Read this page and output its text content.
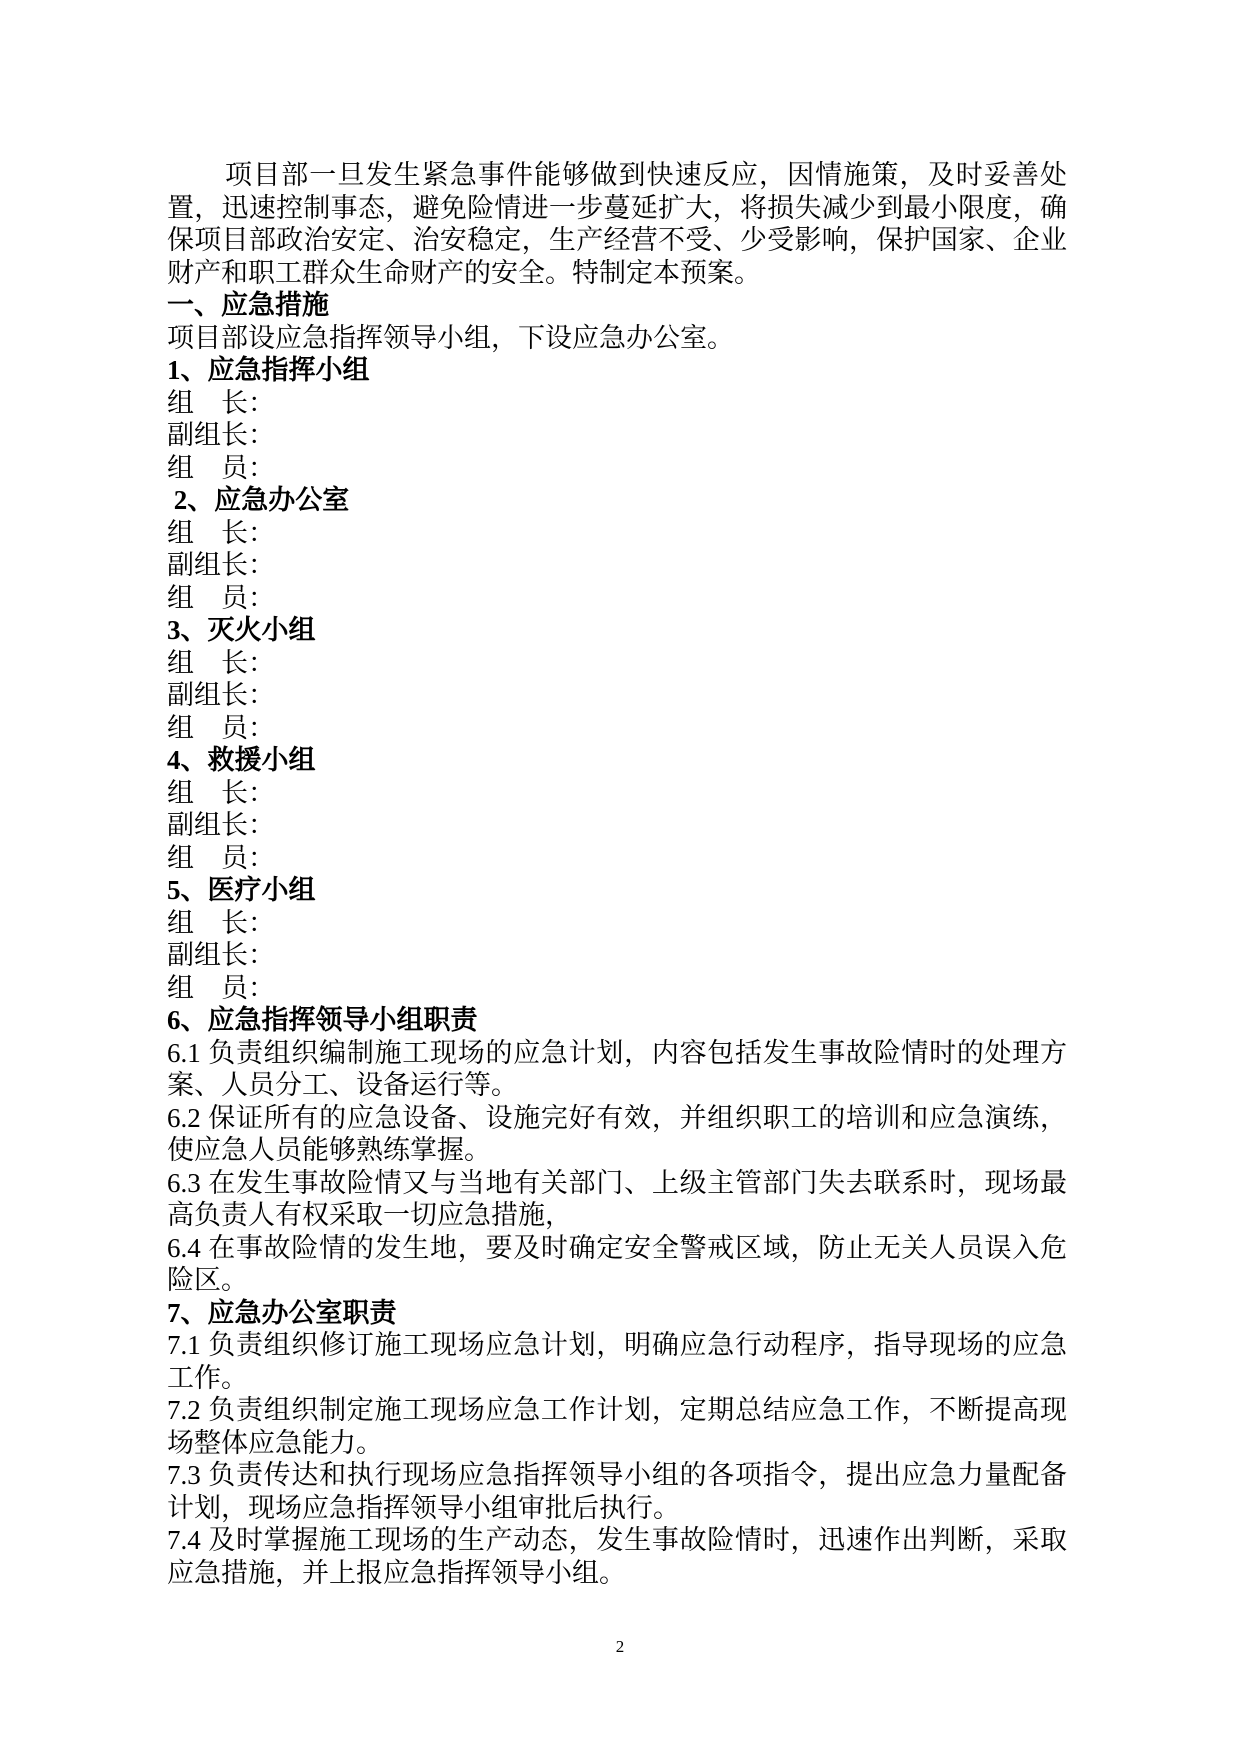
项目部一旦发生紧急事件能够做到快速反应，因情施策，及时妥善处置，迅速控制事态，避免险情进一步蔓延扩大，将损失减少到最小限度，确保项目部政治安定、治安稳定，生产经营不受、少受影响，保护国家、企业财产和职工群众生命财产的安全。特制定本预案。

一、应急措施

项目部设应急指挥领导小组，下设应急办公室。

1、应急指挥小组

组　长：

副组长：

组　员：

2、应急办公室

组　长：

副组长：

组　员：

3、灭火小组

组　长：

副组长：

组　员：

4、救援小组

组　长：

副组长：

组　员：

5、医疗小组

组　长：

副组长：

组　员：

6、应急指挥领导小组职责

6.1 负责组织编制施工现场的应急计划，内容包括发生事故险情时的处理方案、人员分工、设备运行等。

6.2 保证所有的应急设备、设施完好有效，并组织职工的培训和应急演练，使应急人员能够熟练掌握。

6.3 在发生事故险情又与当地有关部门、上级主管部门失去联系时，现场最高负责人有权采取一切应急措施，

6.4 在事故险情的发生地，要及时确定安全警戒区域，防止无关人员误入危险区。

7、应急办公室职责

7.1 负责组织修订施工现场应急计划，明确应急行动程序，指导现场的应急工作。

7.2 负责组织制定施工现场应急工作计划，定期总结应急工作，不断提高现场整体应急能力。

7.3 负责传达和执行现场应急指挥领导小组的各项指令，提出应急力量配备计划，现场应急指挥领导小组审批后执行。

7.4 及时掌握施工现场的生产动态，发生事故险情时，迅速作出判断，采取应急措施，并上报应急指挥领导小组。

2
